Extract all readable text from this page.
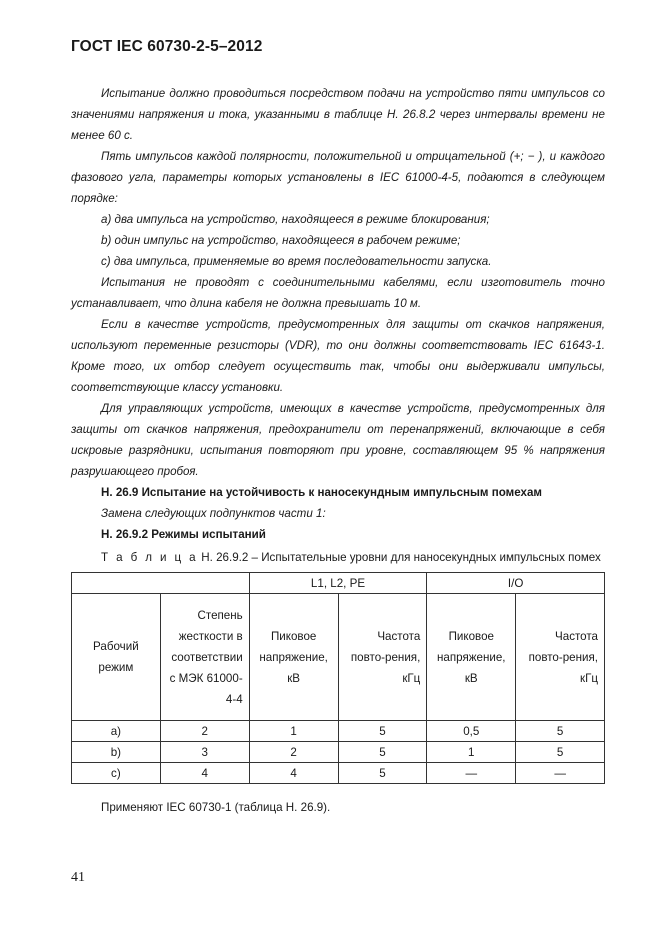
ГОСТ IEC 60730-2-5–2012

Испытание должно проводиться посредством подачи на устройство пяти импульсов со значениями напряжения и тока, указанными в таблице Н. 26.8.2 через интервалы времени не менее 60 с.

Пять импульсов каждой полярности, положительной и отрицательной (+; − ), и каждого фазового угла, параметры которых установлены в IEC 61000-4-5, подаются в следующем порядке:

а) два импульса на устройство, находящееся в режиме блокирования;
b) один импульс на устройство, находящееся в рабочем режиме;
с) два импульса, применяемые во время последовательности запуска.

Испытания не проводят с соединительными кабелями, если изготовитель точно устанавливает, что длина кабеля не должна превышать 10 м.

Если в качестве устройств, предусмотренных для защиты от скачков напряжения, используют переменные резисторы (VDR), то они должны соответствовать IEC 61643-1. Кроме того, их отбор следует осуществить так, чтобы они выдерживали импульсы, соответствующие классу установки.

Для управляющих устройств, имеющих в качестве устройств, предусмотренных для защиты от скачков напряжения, предохранители от перенапряжений, включающие в себя искровые разрядники, испытания повторяют при уровне, составляющем 95 % напряжения разрушающего пробоя.

Н. 26.9 Испытание на устойчивость к наносекундным импульсным помехам
Замена следующих подпунктов части 1:
Н. 26.9.2 Режимы испытаний
Т а б л и ц а Н. 26.9.2 – Испытательные уровни для наносекундных импульсных помех
		L1, L2, PE		I/O	
Рабочий режим	Степень жесткости в соответствии с МЭК 61000-4-4	Пиковое напряжение, кВ	Частота повто-рения, кГц	Пиковое напряжение, кВ	Частота повто-рения, кГц
a)	2	1	5	0,5	5
b)	3	2	5	1	5
c)	4	4	5	—	—
Применяют IEC 60730-1 (таблица Н. 26.9).
41
